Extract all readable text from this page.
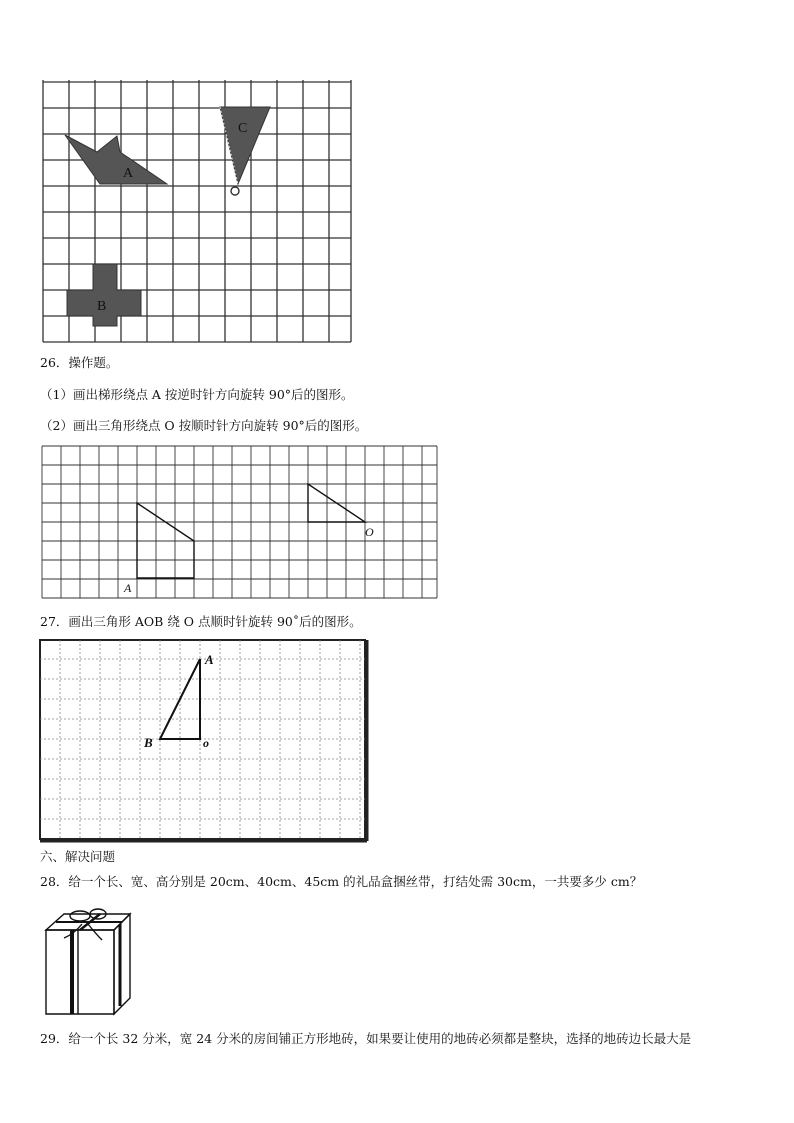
A
B
C
26．操作题。
（1）画出梯形绕点 A 按逆时针方向旋转 90°后的图形。
（2）画出三角形绕点 O 按顺时针方向旋转 90°后的图形。
A
O
27．画出三角形 AOB 绕 O 点顺时针旋转 90˚后的图形。
A
B	o
六、解决问题
28．给一个长、宽、高分别是 20cm、40cm、45cm 的礼品盒捆丝带，打结处需 30cm，一共要多少 cm？
29．给一个长 32 分米，宽 24 分米的房间铺正方形地砖，如果要让使用的地砖必须都是整块，选择的地砖边长最大是
